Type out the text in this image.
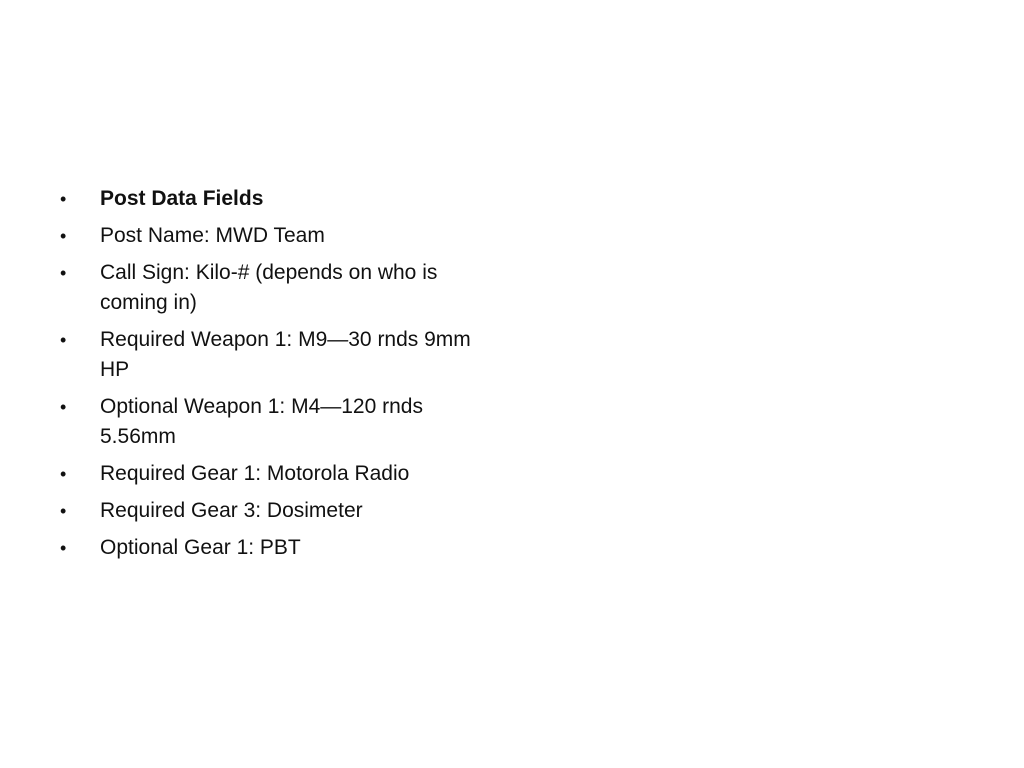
• Post Data Fields
• Post Name: MWD Team
• Call Sign: Kilo-# (depends on who is coming in)
• Required Weapon 1: M9—30 rnds 9mm HP
• Optional Weapon 1: M4—120 rnds 5.56mm
• Required Gear 1: Motorola Radio
• Required Gear 3: Dosimeter
• Optional Gear 1: PBT
